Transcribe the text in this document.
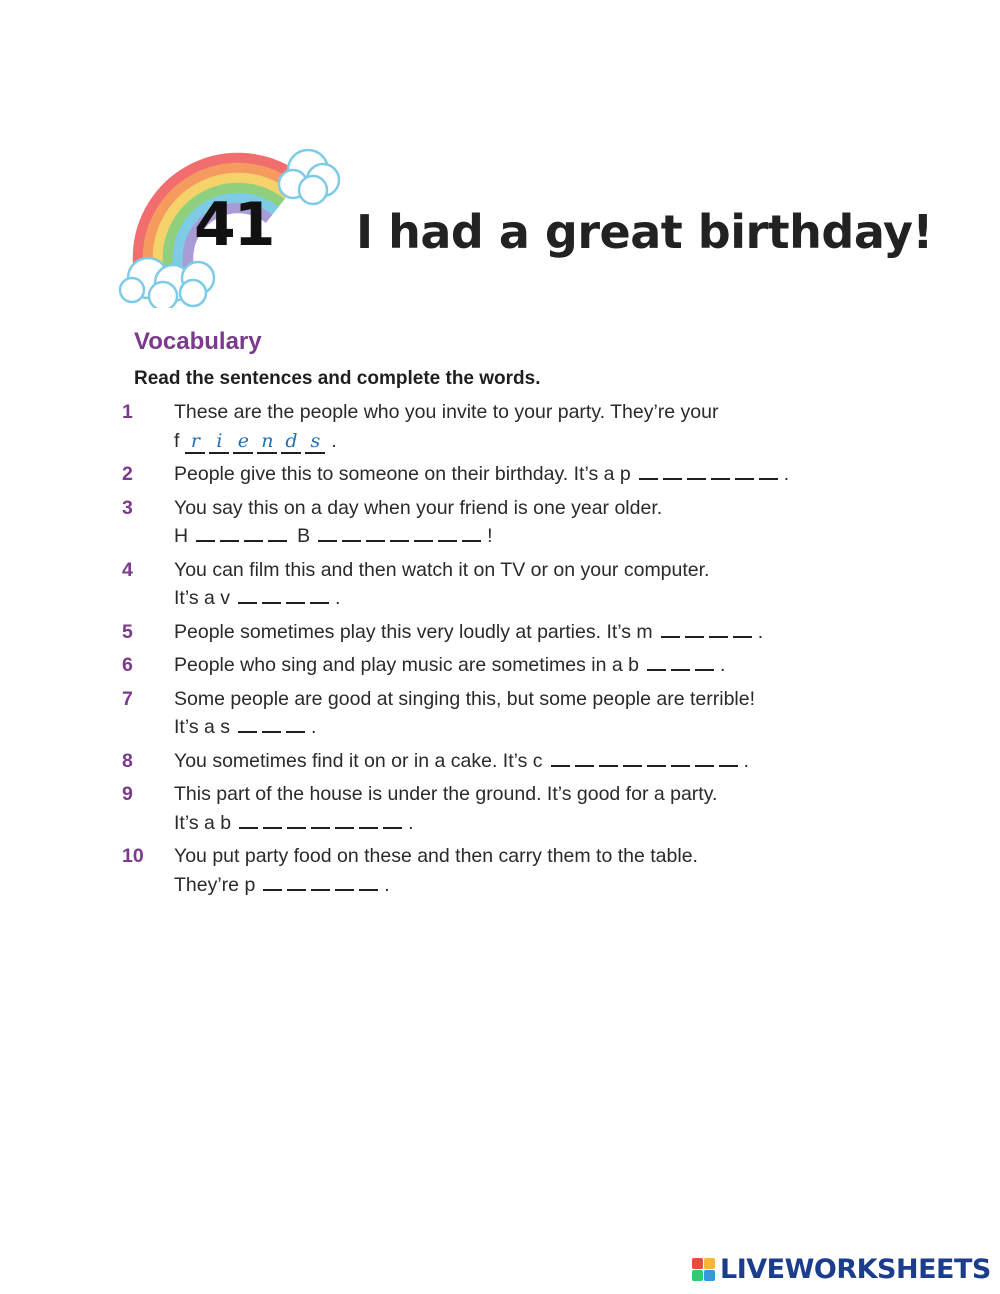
41 I had a great birthday!
Vocabulary
Read the sentences and complete the words.
1	These are the people who you invite to your party. They’re your
f r i e n d s .
2	People give this to someone on their birthday. It’s a p	.
3	You say this on a day when your friend is one year older.
H	B	!
4	You can film this and then watch it on TV or on your computer.
It’s a v	.
5	People sometimes play this very loudly at parties. It’s m	.
6	People who sing and play music are sometimes in a b	.
7	Some people are good at singing this, but some people are terrible!
It’s a s	.
8	You sometimes find it on or in a cake. It’s c	.
9	This part of the house is under the ground. It’s good for a party.
It’s a b	.
10	You put party food on these and then carry them to the table.
They’re p	.
LIVEWORKSHEETS
